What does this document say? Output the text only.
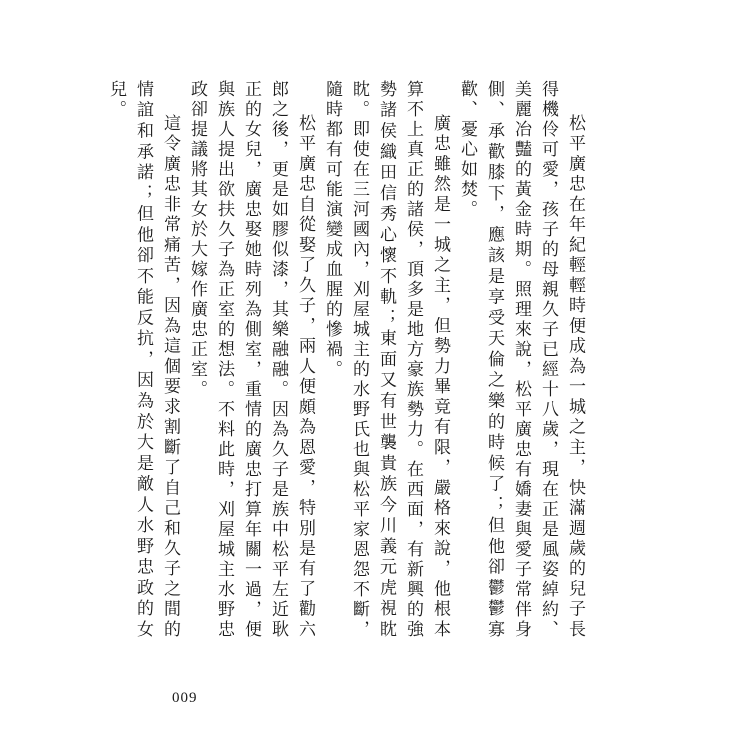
松平廣忠在年紀輕輕時便成為一城之主，快滿週歲的兒子長得機伶可愛，孩子的母親久子已經十八歲，現在正是風姿綽約、美麗冶豔的黃金時期。照理來說，松平廣忠有嬌妻與愛子常伴身側、承歡膝下，應該是享受天倫之樂的時候了；但他卻鬱鬱寡歡、憂心如焚。

廣忠雖然是一城之主，但勢力畢竟有限，嚴格來說，他根本算不上真正的諸侯，頂多是地方豪族勢力。在西面，有新興的強勢諸侯織田信秀心懷不軌；東面又有世襲貴族今川義元虎視眈眈。即使在三河國內，刈屋城主的水野氏也與松平家恩怨不斷，隨時都有可能演變成血腥的慘禍。

松平廣忠自從娶了久子，兩人便頗為恩愛，特別是有了勸六郎之後，更是如膠似漆，其樂融融。因為久子是族中松平左近耿正的女兒，廣忠娶她時列為側室，重情的廣忠打算年關一過，便與族人提出欲扶久子為正室的想法。不料此時，刈屋城主水野忠政卻提議將其女於大嫁作廣忠正室。

這令廣忠非常痛苦，因為這個要求割斷了自己和久子之間的情誼和承諾；但他卻不能反抗，因為於大是敵人水野忠政的女兒。

009
